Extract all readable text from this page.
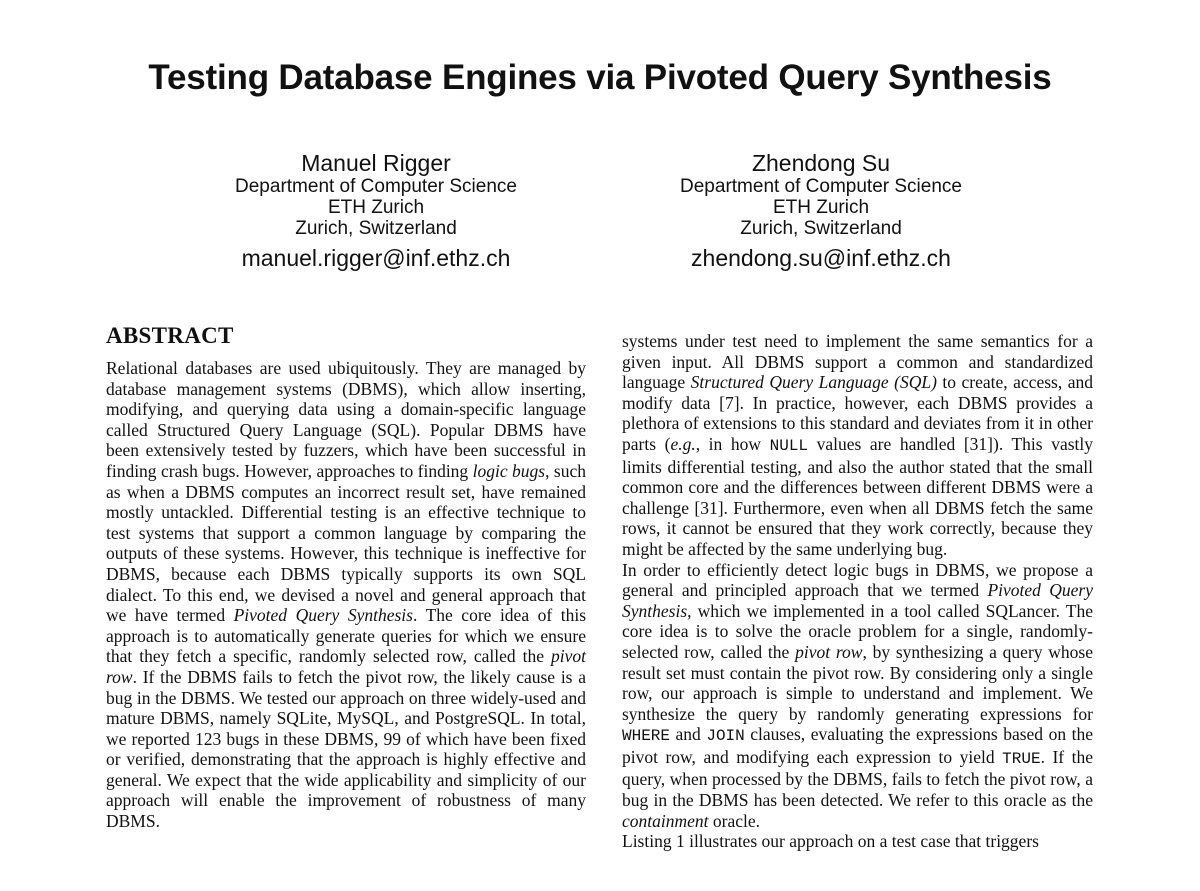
Testing Database Engines via Pivoted Query Synthesis
Manuel Rigger
Department of Computer Science
ETH Zurich
Zurich, Switzerland
manuel.rigger@inf.ethz.ch
Zhendong Su
Department of Computer Science
ETH Zurich
Zurich, Switzerland
zhendong.su@inf.ethz.ch
ABSTRACT

Relational databases are used ubiquitously. They are managed by database management systems (DBMS), which allow inserting, modifying, and querying data using a domain-specific language called Structured Query Language (SQL). Popular DBMS have been extensively tested by fuzzers, which have been successful in finding crash bugs. However, approaches to finding logic bugs, such as when a DBMS computes an incorrect result set, have remained mostly untackled. Differential testing is an effective technique to test systems that support a common language by comparing the outputs of these systems. However, this technique is ineffective for DBMS, because each DBMS typically supports its own SQL dialect. To this end, we devised a novel and general approach that we have termed Pivoted Query Synthesis. The core idea of this approach is to automatically generate queries for which we ensure that they fetch a specific, randomly selected row, called the pivot row. If the DBMS fails to fetch the pivot row, the likely cause is a bug in the DBMS. We tested our approach on three widely-used and mature DBMS, namely SQLite, MySQL, and PostgreSQL. In total, we reported 123 bugs in these DBMS, 99 of which have been fixed or verified, demonstrating that the approach is highly effective and general. We expect that the wide applicability and simplicity of our approach will enable the improvement of robustness of many DBMS.

systems under test need to implement the same semantics for a given input. All DBMS support a common and standardized language Structured Query Language (SQL) to create, access, and modify data [7]. In practice, however, each DBMS provides a plethora of extensions to this standard and deviates from it in other parts (e.g., in how NULL values are handled [31]). This vastly limits differential testing, and also the author stated that the small common core and the differences between different DBMS were a challenge [31]. Furthermore, even when all DBMS fetch the same rows, it cannot be ensured that they work correctly, because they might be affected by the same underlying bug.

In order to efficiently detect logic bugs in DBMS, we propose a general and principled approach that we termed Pivoted Query Synthesis, which we implemented in a tool called SQLancer. The core idea is to solve the oracle problem for a single, randomly-selected row, called the pivot row, by synthesizing a query whose result set must contain the pivot row. By considering only a single row, our approach is simple to understand and implement. We synthesize the query by randomly generating expressions for WHERE and JOIN clauses, evaluating the expressions based on the pivot row, and modifying each expression to yield TRUE. If the query, when processed by the DBMS, fails to fetch the pivot row, a bug in the DBMS has been detected. We refer to this oracle as the containment oracle.

Listing 1 illustrates our approach on a test case that triggers
